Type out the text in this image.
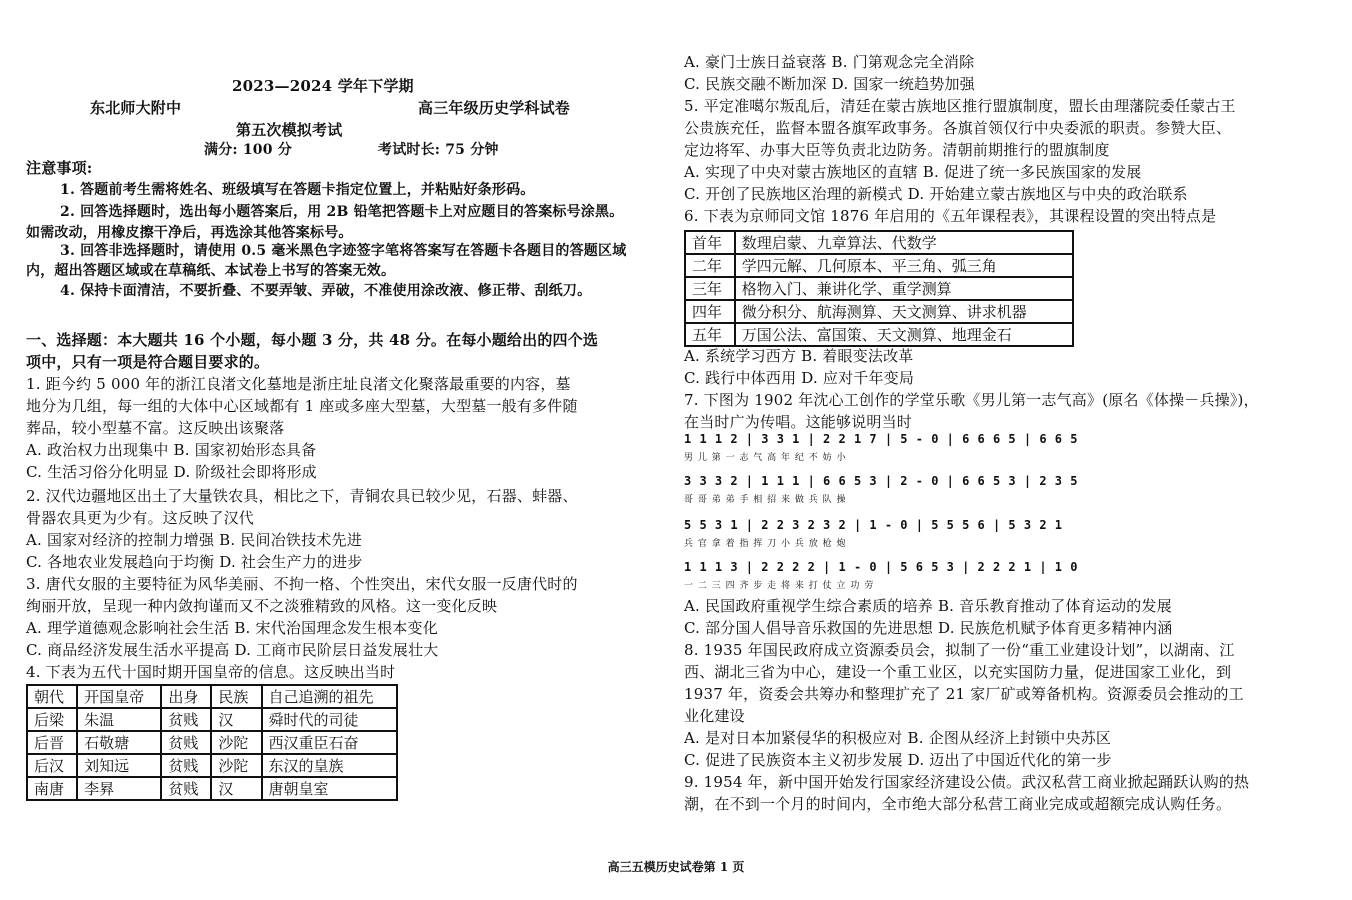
2023—2024 学年下学期
东北师大附中	高三年级历史学科试卷
第五次模拟考试
满分: 100 分	考试时长: 75 分钟
注意事项:
1. 答题前考生需将姓名、班级填写在答题卡指定位置上，并粘贴好条形码。
2. 回答选择题时，选出每小题答案后，用 2B 铅笔把答题卡上对应题目的答案标号涂黑。
如需改动，用橡皮擦干净后，再选涂其他答案标号。
3. 回答非选择题时，请使用 0.5 毫米黑色字迹签字笔将答案写在答题卡各题目的答题区域
内，超出答题区域或在草稿纸、本试卷上书写的答案无效。
4. 保持卡面清洁，不要折叠、不要弄皱、弄破，不准使用涂改液、修正带、刮纸刀。
一、选择题：本大题共 16 个小题，每小题 3 分，共 48 分。在每小题给出的四个选
项中，只有一项是符合题目要求的。
1. 距今约 5 000 年的浙江良渚文化墓地是浙庄址良渚文化聚落最重要的内容，墓
地分为几组，每一组的大体中心区域都有 1 座或多座大型墓，大型墓一般有多件随
葬品，较小型墓不富。这反映出该聚落
A. 政治权力出现集中 B. 国家初始形态具备
C. 生活习俗分化明显 D. 阶级社会即将形成
2. 汉代边疆地区出土了大量铁农具，相比之下，青铜农具已较少见，石器、蚌器、
骨器农具更为少有。这反映了汉代
A. 国家对经济的控制力增强 B. 民间冶铁技术先进
C. 各地农业发展趋向于均衡 D. 社会生产力的进步
3. 唐代女服的主要特征为风华美丽、不拘一格、个性突出，宋代女服一反唐代时的
绚丽开放，呈现一种内敛拘谨而又不之淡雅精致的风格。这一变化反映
A. 理学道德观念影响社会生活 B. 宋代治国理念发生根本变化
C. 商品经济发展生活水平提高 D. 工商市民阶层日益发展壮大
4. 下表为五代十国时期开国皇帝的信息。这反映出当时
朝代	开国皇帝	出身	民族	自己追溯的祖先
后梁	朱温	贫贱	汉	舜时代的司徒
后晋	石敬瑭	贫贱	沙陀	西汉重臣石奋
后汉	刘知远	贫贱	沙陀	东汉的皇族
南唐	李昪	贫贱	汉	唐朝皇室
A. 豪门士族日益衰落 B. 门第观念完全消除
C. 民族交融不断加深 D. 国家一统趋势加强
5. 平定准噶尔叛乱后，清廷在蒙古族地区推行盟旗制度，盟长由理藩院委任蒙古王
公贵族充任，监督本盟各旗军政事务。各旗首领仅行中央委派的职责。参赞大臣、
定边将军、办事大臣等负责北边防务。清朝前期推行的盟旗制度
A. 实现了中央对蒙古族地区的直辖 B. 促进了统一多民族国家的发展
C. 开创了民族地区治理的新模式 D. 开始建立蒙古族地区与中央的政治联系
6. 下表为京师同文馆 1876 年启用的《五年课程表》，其课程设置的突出特点是
首年	数理启蒙、九章算法、代数学
二年	学四元解、几何原本、平三角、弧三角
三年	格物入门、兼讲化学、重学测算
四年	微分积分、航海测算、天文测算、讲求机器
五年	万国公法、富国策、天文测算、地理金石
A. 系统学习西方 B. 着眼变法改革
C. 践行中体西用 D. 应对千年变局
7. 下图为 1902 年沈心工创作的学堂乐歌《男儿第一志气高》(原名《体操－兵操》)，
在当时广为传唱。这能够说明当时
1 1 1 2 | 3 3 1 | 2 2 1 7 | 5 - 0 | 6 6 6 5 | 6 6 5
男 儿 第 一 志 气 高 年 纪 不 妨 小
3 3 3 2 | 1 1 1 | 6 6 5 3 | 2 - 0 | 6 6 5 3 | 2 3 5
哥 哥 弟 弟 手 相 招 来 做 兵 队 操
5 5 3 1 | 2 2 3 2 3 2 | 1 - 0 | 5 5 5 6 | 5 3 2 1
兵 官 拿 着 指 挥 刀 小 兵 放 枪 炮
1 1 1 3 | 2 2 2 2 | 1 - 0 | 5 6 5 3 | 2 2 2 1 | 1 0
一 二 三 四 齐 步 走 将 来 打 仗 立 功 劳
A. 民国政府重视学生综合素质的培养 B. 音乐教育推动了体育运动的发展
C. 部分国人倡导音乐救国的先进思想 D. 民族危机赋予体育更多精神内涵
8. 1935 年国民政府成立资源委员会，拟制了一份“重工业建设计划”，以湖南、江
西、湖北三省为中心，建设一个重工业区，以充实国防力量，促进国家工业化，到
1937 年，资委会共筹办和整理扩充了 21 家厂矿或筹备机构。资源委员会推动的工
业化建设
A. 是对日本加紧侵华的积极应对 B. 企图从经济上封锁中央苏区
C. 促进了民族资本主义初步发展 D. 迈出了中国近代化的第一步
9. 1954 年，新中国开始发行国家经济建设公债。武汉私营工商业掀起踊跃认购的热
潮，在不到一个月的时间内，全市绝大部分私营工商业完成或超额完成认购任务。
高三五模历史试卷第 1 页
